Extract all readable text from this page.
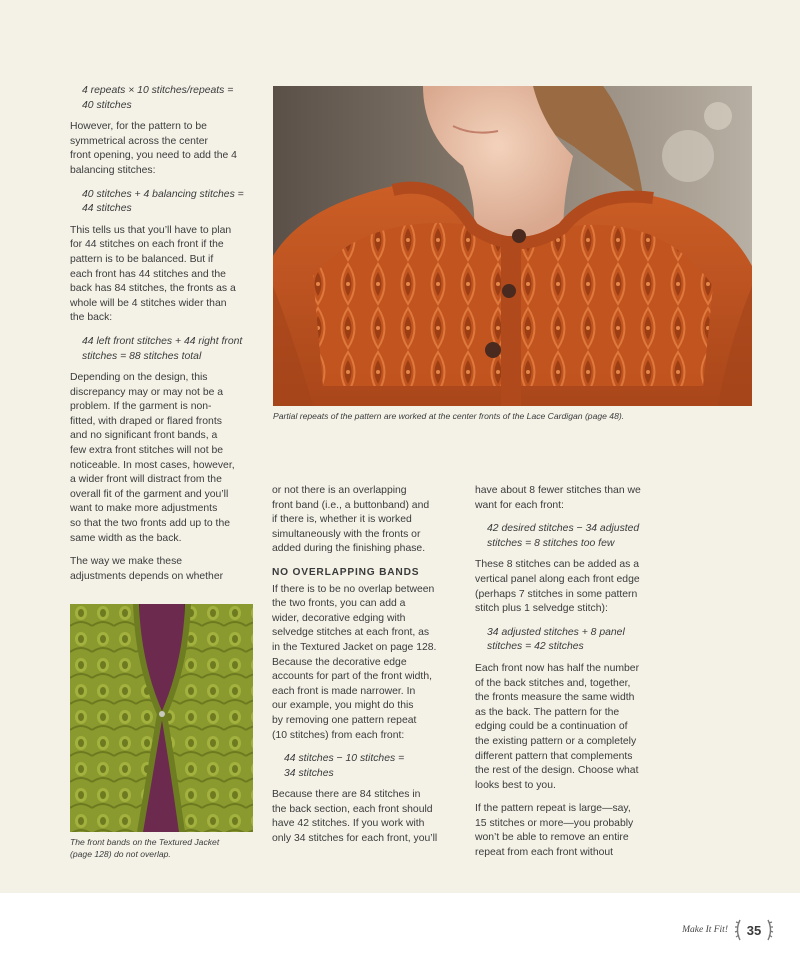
4 repeats × 10 stitches/repeats =
40 stitches

However, for the pattern to be
symmetrical across the center
front opening, you need to add the 4
balancing stitches:

40 stitches + 4 balancing stitches =
44 stitches

This tells us that you’ll have to plan
for 44 stitches on each front if the
pattern is to be balanced. But if
each front has 44 stitches and the
back has 84 stitches, the fronts as a
whole will be 4 stitches wider than
the back:

44 left front stitches + 44 right front
stitches = 88 stitches total

Depending on the design, this
discrepancy may or may not be a
problem. If the garment is non-
fitted, with draped or flared fronts
and no significant front bands, a
few extra front stitches will not be
noticeable. In most cases, however,
a wider front will distract from the
overall fit of the garment and you’ll
want to make more adjustments
so that the two fronts add up to the
same width as the back.

The way we make these
adjustments depends on whether

Partial repeats of the pattern are worked at the center fronts of the Lace Cardigan (page 48).
The front bands on the Textured Jacket
(page 128) do not overlap.

or not there is an overlapping
front band (i.e., a buttonband) and
if there is, whether it is worked
simultaneously with the fronts or
added during the finishing phase.

NO OVERLAPPING BANDS

If there is to be no overlap between
the two fronts, you can add a
wider, decorative edging with
selvedge stitches at each front, as
in the Textured Jacket on page 128.
Because the decorative edge
accounts for part of the front width,
each front is made narrower. In
our example, you might do this
by removing one pattern repeat
(10 stitches) from each front:

44 stitches − 10 stitches =
34 stitches

Because there are 84 stitches in
the back section, each front should
have 42 stitches. If you work with
only 34 stitches for each front, you’ll

have about 8 fewer stitches than we
want for each front:

42 desired stitches − 34 adjusted
stitches = 8 stitches too few

These 8 stitches can be added as a
vertical panel along each front edge
(perhaps 7 stitches in some pattern
stitch plus 1 selvedge stitch):

34 adjusted stitches + 8 panel
stitches = 42 stitches

Each front now has half the number
of the back stitches and, together,
the fronts measure the same width
as the back. The pattern for the
edging could be a continuation of
the existing pattern or a completely
different pattern that complements
the rest of the design. Choose what
looks best to you.

If the pattern repeat is large—say,
15 stitches or more—you probably
won’t be able to remove an entire
repeat from each front without

Make It Fit! 35
